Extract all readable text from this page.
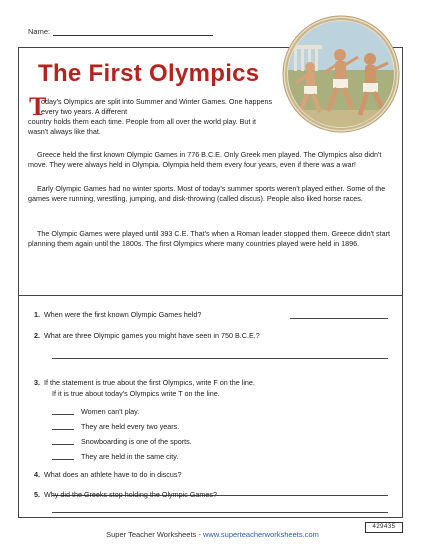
Name:
The First Olympics
T
oday's Olympics are split into Summer and Winter Games. One happens every two years. A different
country holds them each time. People from all over the world play. But it wasn't always like that.
Greece held the first known Olympic Games in 776 B.C.E. Only Greek men played. The Olympics also didn't move. They were always held in Olympia. Olympia held them every four years, even if there was a war!
Early Olympic Games had no winter sports. Most of today's summer sports weren't played either. Some of the games were running, wrestling, jumping, and disk-throwing (called discus). People also liked horse races.
The Olympic Games were played until 393 C.E. That's when a Roman leader stopped them. Greece didn't start planning them again until the 1800s. The first Olympics where many countries played were held in 1896.
1. When were the first known Olympic Games held?
2. What are three Olympic games you might have seen in 750 B.C.E.?
3. If the statement is true about the first Olympics, write F on the line.
If it is true about today's Olympics write T on the line.
Women can't play.
They are held every two years.
Snowboarding is one of the sports.
They are held in the same city.
4. What does an athlete have to do in discus?
5. Why did the Greeks stop holding the Olympic Games?
429435
Super Teacher Worksheets - www.superteacherworksheets.com
